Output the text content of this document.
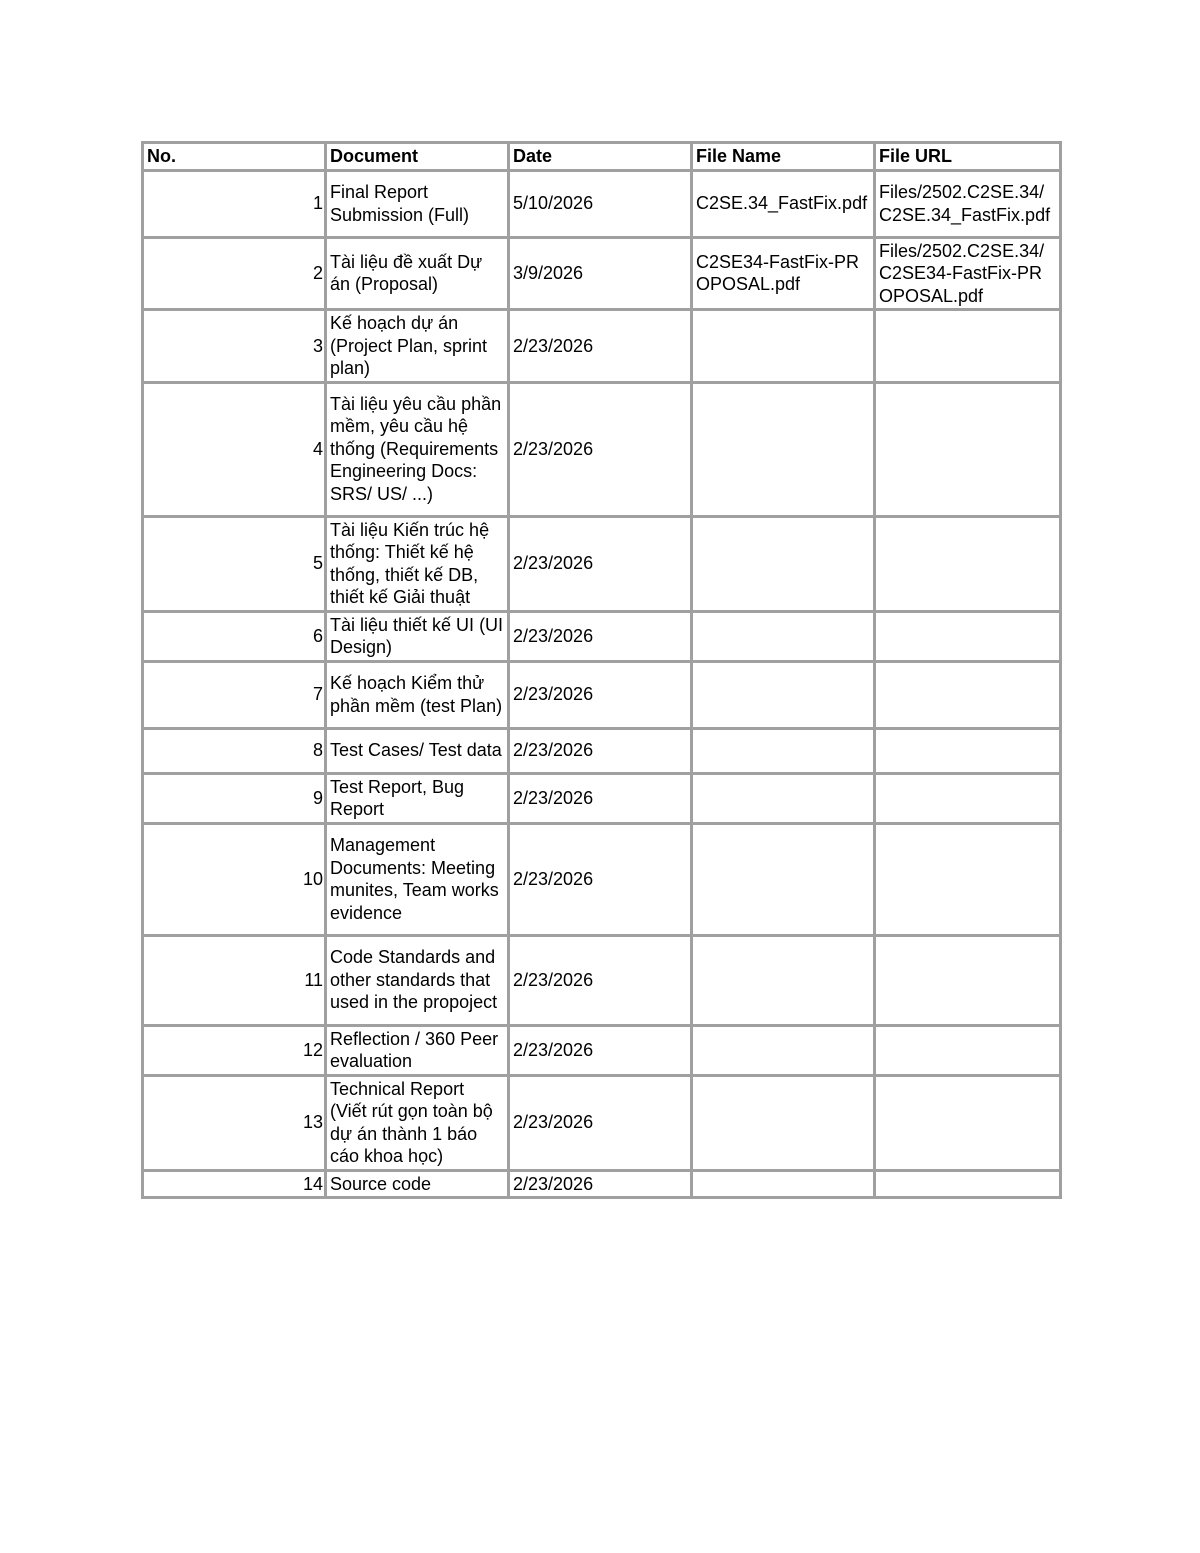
No.	Document	Date	File Name	File URL
1	Final Report Submission (Full)	5/10/2026	C2SE.34_FastFix.pdf	Files/2502.C2SE.34/C2SE.34_FastFix.pdf
2	Tài liệu đề xuất Dự án (Proposal)	3/9/2026	C2SE34-FastFix-PROPOSAL.pdf	Files/2502.C2SE.34/C2SE34-FastFix-PROPOSAL.pdf
3	Kế hoạch dự án (Project Plan, sprint plan)	2/23/2026		
4	Tài liệu yêu cầu phần mềm, yêu cầu hệ thống (Requirements Engineering Docs: SRS/ US/ ...)	2/23/2026		
5	Tài liệu Kiến trúc hệ thống: Thiết kế hệ thống, thiết kế DB, thiết kế Giải thuật	2/23/2026		
6	Tài liệu thiết kế UI (UI Design)	2/23/2026		
7	Kế hoạch Kiểm thử phần mềm (test Plan)	2/23/2026		
8	Test Cases/ Test data	2/23/2026		
9	Test Report, Bug Report	2/23/2026		
10	Management Documents: Meeting munites, Team works evidence	2/23/2026		
11	Code Standards and other standards that used in the propoject	2/23/2026		
12	Reflection / 360 Peer evaluation	2/23/2026		
13	Technical Report (Viết rút gọn toàn bộ dự án thành 1 báo cáo khoa học)	2/23/2026		
14	Source code	2/23/2026		
